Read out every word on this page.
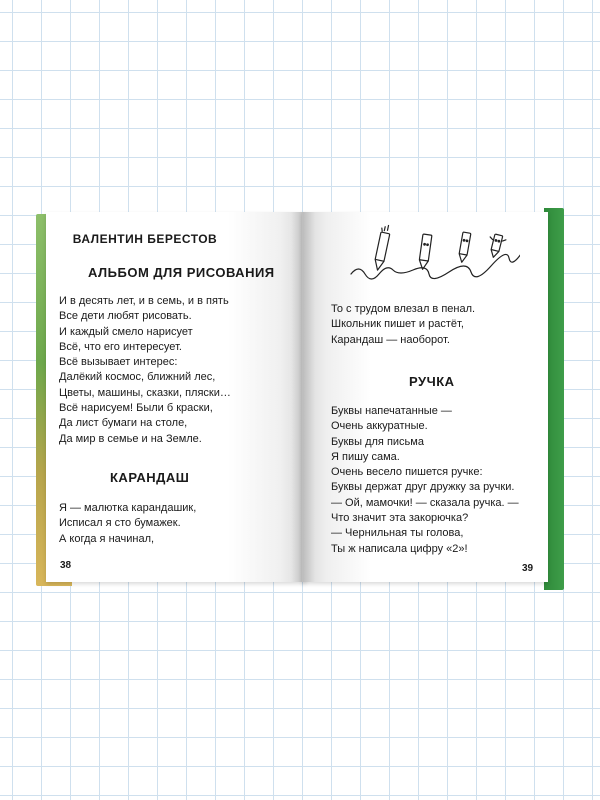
ВАЛЕНТИН БЕРЕСТОВ
АЛЬБОМ ДЛЯ РИСОВАНИЯ
И в десять лет, и в семь, и в пять
Все дети любят рисовать.
И каждый смело нарисует
Всё, что его интересует.
Всё вызывает интерес:
Далёкий космос, ближний лес,
Цветы, машины, сказки, пляски…
Всё нарисуем! Были б краски,
Да лист бумаги на столе,
Да мир в семье и на Земле.
КАРАНДАШ
Я — малютка карандашик,
Исписал я сто бумажек.
А когда я начинал,
38
То с трудом влезал в пенал.
Школьник пишет и растёт,
Карандаш — наоборот.
РУЧКА
Буквы напечатанные —
Очень аккуратные.
Буквы для письма
Я пишу сама.
Очень весело пишется ручке:
Буквы держат друг дружку за ручки.
— Ой, мамочки! — сказала ручка. —
Что значит эта закорючка?
— Чернильная ты голова,
Ты ж написала цифру «2»!
39
